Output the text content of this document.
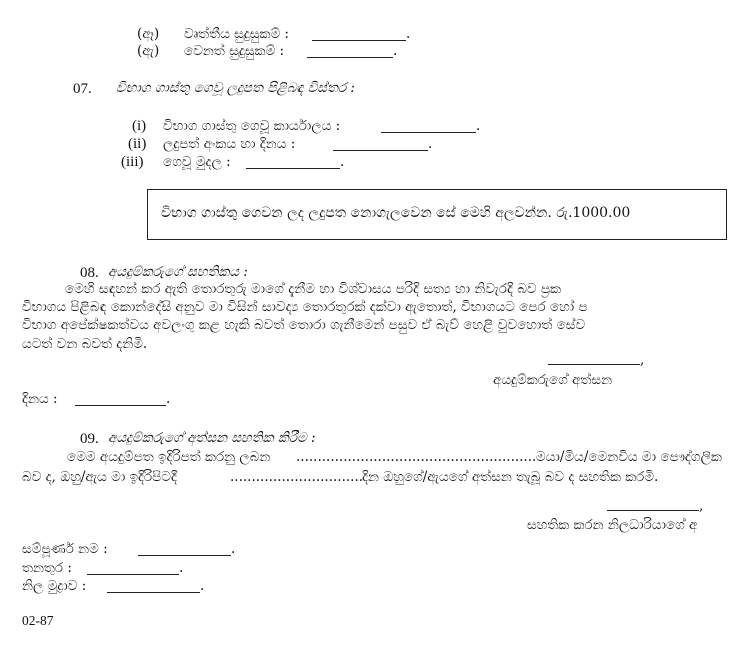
(ඈ) වෘත්තීය සුදුසුකම් :	.
(ඇ) වෙනත් සුදුසුකම් :	.
07. විභාග ගාස්තු ගෙවූ ලදුපත පිළිබඳ විස්තර :
(i) විභාග ගාස්තු ගෙවූ කාර්යාලය :	.
(ii) ලදුපත් අංකය හා දිනය :	.
(iii) ගෙවූ මුදල :	.
විභාග ගාස්තු ගෙවන ලද ලදුපත නොගැලවෙන සේ මෙහි අලවන්න. රු.1000.00
08. අයදුම්කරුගේ සහතිකය :
මෙහි සඳහන් කර ඇති තොරතුරු මාගේ දැනීම හා විශ්වාසය පරිදි සත්‍ය හා නිවැරදි බව ප්‍රක
විභාගය පිළිබඳ කොන්දේසි අනුව මා විසින් සාවද්‍ය තොරතුරක් දක්වා ඇතොත්, විභාගයට පෙර හෝ ප
විභාග අපේක්ෂකත්වය අවලංගු කළ හැකි බවත් තොරා ගැනීමෙන් පසුව ඒ බැව් හෙළි වුවහොත් සේව
යටත් වන බවත් දනිමි.
,
අයදුම්කරුගේ අත්සන
දිනය :	.
09. අයදුම්කරුගේ අත්සන සහතික කිරීම :
මෙම අයදුම්පත ඉදිරිපත් කරනු ලබන ........................................................ මයා/මිය/මෙනවිය මා පෞද්ගලික
බව ද, ඔහු/ඇය මා ඉදිරිපිටදී	...............................
දින ඔහුගේ/ඇයගේ අත්සන තැබූ බව ද සහතික කරමි.
,
සහතික කරන නිලධාරියාගේ අ
සම්පූර්ණ නම :	.
තනතුර :	.
නිල මුද්‍රාව :	.
02-87
